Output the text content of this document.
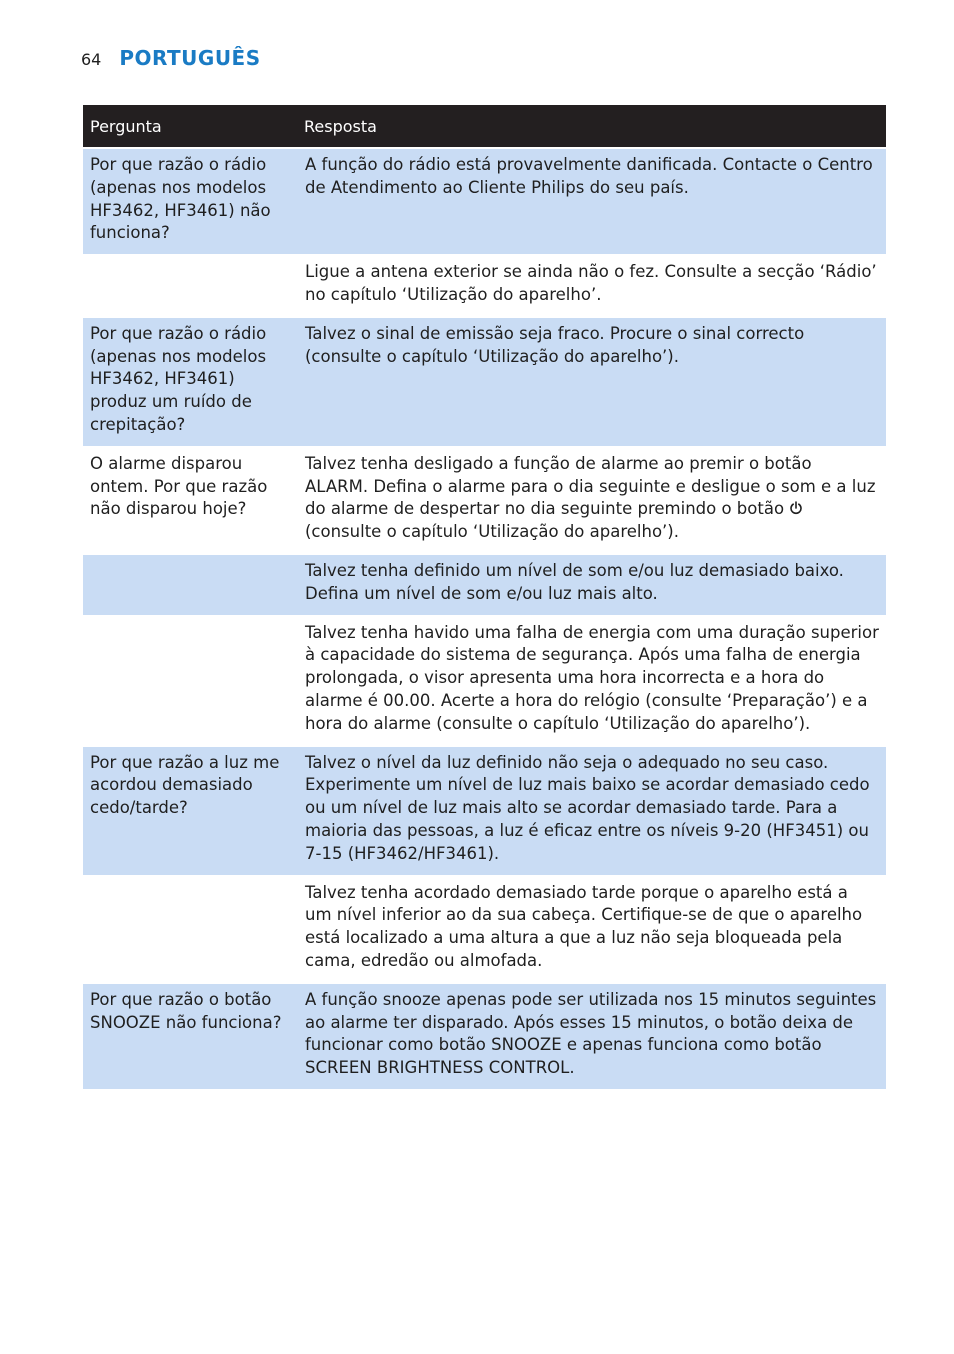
64 PORTUGUÊS
Pergunta	Resposta
Por que razão o rádio (apenas nos modelos HF3462, HF3461) não funciona?	A função do rádio está provavelmente danificada. Contacte o Centro de Atendimento ao Cliente Philips do seu país.
	Ligue a antena exterior se ainda não o fez. Consulte a secção ‘Rádio’ no capítulo ‘Utilização do aparelho’.
Por que razão o rádio (apenas nos modelos HF3462, HF3461) produz um ruído de crepitação?	Talvez o sinal de emissão seja fraco. Procure o sinal correcto (consulte o capítulo ‘Utilização do aparelho’).
O alarme disparou ontem. Por que razão não disparou hoje?	Talvez tenha desligado a função de alarme ao premir o botão ALARM. Defina o alarme para o dia seguinte e desligue o som e a luz do alarme de despertar no dia seguinte premindo o botão  (consulte o capítulo ‘Utilização do aparelho’).
	Talvez tenha definido um nível de som e/ou luz demasiado baixo. Defina um nível de som e/ou luz mais alto.
	Talvez tenha havido uma falha de energia com uma duração superior à capacidade do sistema de segurança. Após uma falha de energia prolongada, o visor apresenta uma hora incorrecta e a hora do alarme é 00.00. Acerte a hora do relógio (consulte ‘Preparação’) e a hora do alarme (consulte o capítulo ‘Utilização do aparelho’).
Por que razão a luz me acordou demasiado cedo/tarde?	Talvez o nível da luz definido não seja o adequado no seu caso. Experimente um nível de luz mais baixo se acordar demasiado cedo ou um nível de luz mais alto se acordar demasiado tarde. Para a maioria das pessoas, a luz é eficaz entre os níveis 9-20 (HF3451) ou 7-15 (HF3462/HF3461).
	Talvez tenha acordado demasiado tarde porque o aparelho está a um nível inferior ao da sua cabeça. Certifique-se de que o aparelho está localizado a uma altura a que a luz não seja bloqueada pela cama, edredão ou almofada.
Por que razão o botão SNOOZE não funciona?	A função snooze apenas pode ser utilizada nos 15 minutos seguintes ao alarme ter disparado. Após esses 15 minutos, o botão deixa de funcionar como botão SNOOZE e apenas funciona como botão SCREEN BRIGHTNESS CONTROL.
